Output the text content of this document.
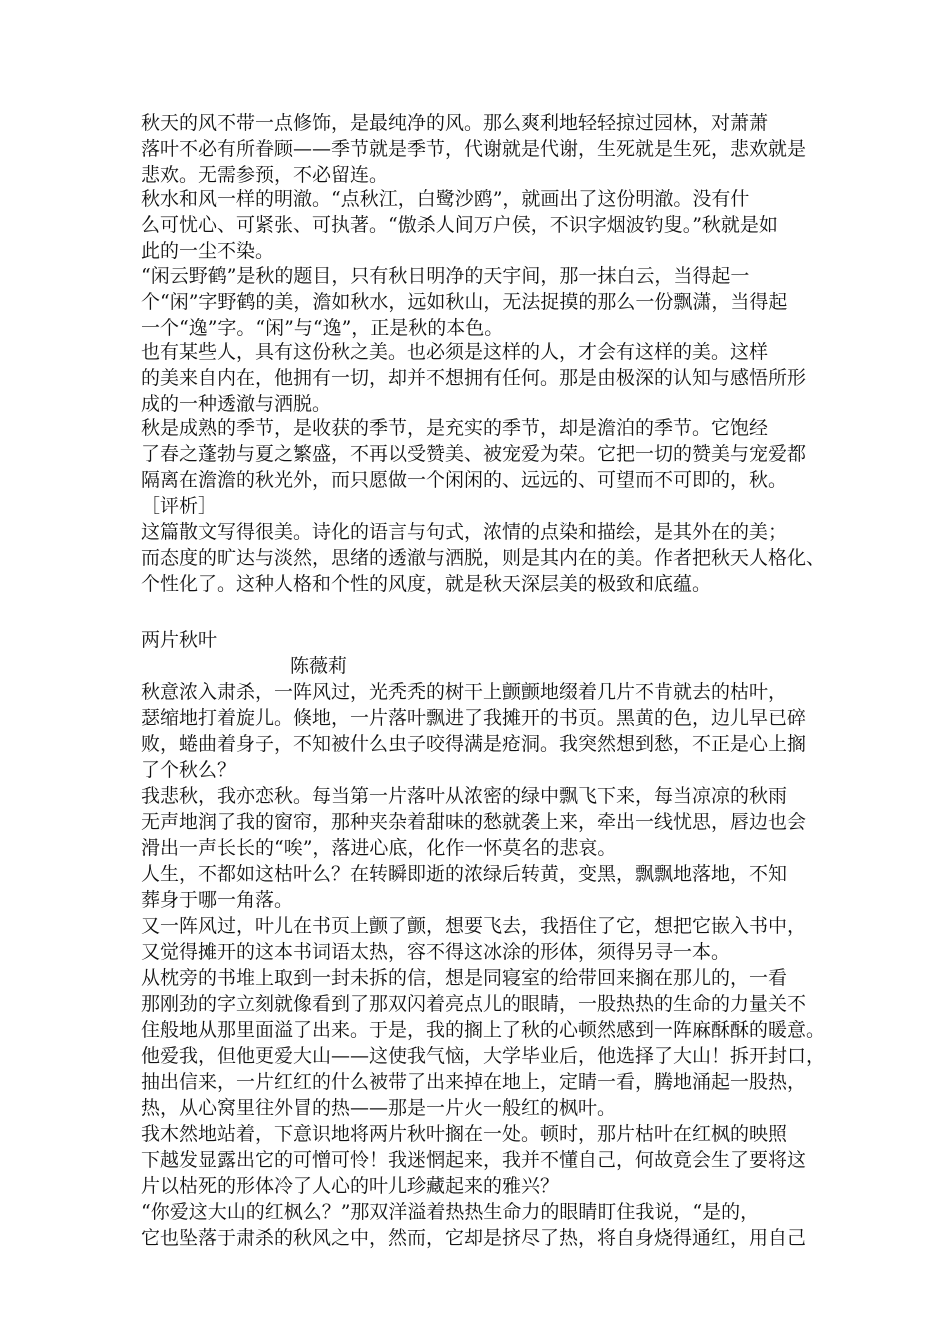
秋天的风不带一点修饰，是最纯净的风。那么爽利地轻轻掠过园林，对萧萧
落叶不必有所眷顾——季节就是季节，代谢就是代谢，生死就是生死，悲欢就是
悲欢。无需参预，不必留连。
秋水和风一样的明澈。“点秋江，白鹭沙鸥”，就画出了这份明澈。没有什
么可忧心、可紧张、可执著。“傲杀人间万户侯，不识字烟波钓叟。”秋就是如
此的一尘不染。
“闲云野鹤”是秋的题目，只有秋日明净的天宇间，那一抹白云，当得起一
个“闲”字野鹤的美，澹如秋水，远如秋山，无法捉摸的那么一份飘潇，当得起
一个“逸”字。“闲”与“逸”，正是秋的本色。
也有某些人，具有这份秋之美。也必须是这样的人，才会有这样的美。这样
的美来自内在，他拥有一切，却并不想拥有任何。那是由极深的认知与感悟所形
成的一种透澈与洒脱。
秋是成熟的季节，是收获的季节，是充实的季节，却是澹泊的季节。它饱经
了春之蓬勃与夏之繁盛，不再以受赞美、被宠爱为荣。它把一切的赞美与宠爱都
隔离在澹澹的秋光外，而只愿做一个闲闲的、远远的、可望而不可即的，秋。
［评析］
这篇散文写得很美。诗化的语言与句式，浓情的点染和描绘，是其外在的美；
而态度的旷达与淡然，思绪的透澈与洒脱，则是其内在的美。作者把秋天人格化、
个性化了。这种人格和个性的风度，就是秋天深层美的极致和底蕴。
两片秋叶
陈薇莉
秋意浓入肃杀，一阵风过，光秃秃的树干上颤颤地缀着几片不肯就去的枯叶，
瑟缩地打着旋儿。倏地，一片落叶飘进了我摊开的书页。黑黄的色，边儿早已碎
败，蜷曲着身子，不知被什么虫子咬得满是疮洞。我突然想到愁，不正是心上搁
了个秋么？
我悲秋，我亦恋秋。每当第一片落叶从浓密的绿中飘飞下来，每当凉凉的秋雨
无声地润了我的窗帘，那种夹杂着甜味的愁就袭上来，牵出一线忧思，唇边也会
滑出一声长长的“唉”，落进心底，化作一怀莫名的悲哀。
人生，不都如这枯叶么？在转瞬即逝的浓绿后转黄，变黑，飘飘地落地，不知
葬身于哪一角落。
又一阵风过，叶儿在书页上颤了颤，想要飞去，我捂住了它，想把它嵌入书中，
又觉得摊开的这本书词语太热，容不得这冰涂的形体，须得另寻一本。
从枕旁的书堆上取到一封未拆的信，想是同寝室的给带回来搁在那儿的，一看
那刚劲的字立刻就像看到了那双闪着亮点儿的眼睛，一股热热的生命的力量关不
住般地从那里面溢了出来。于是，我的搁上了秋的心顿然感到一阵麻酥酥的暖意。
他爱我，但他更爱大山——这使我气恼，大学毕业后，他选择了大山！拆开封口，
抽出信来，一片红红的什么被带了出来掉在地上，定睛一看，腾地涌起一股热，
热，从心窝里往外冒的热——那是一片火一般红的枫叶。
我木然地站着，下意识地将两片秋叶搁在一处。顿时，那片枯叶在红枫的映照
下越发显露出它的可憎可怜！我迷惘起来，我并不懂自己，何故竟会生了要将这
片以枯死的形体冷了人心的叶儿珍藏起来的雅兴？
“你爱这大山的红枫么？”那双洋溢着热热生命力的眼睛盯住我说，“是的，
它也坠落于肃杀的秋风之中，然而，它却是挤尽了热，将自身烧得通红，用自己
